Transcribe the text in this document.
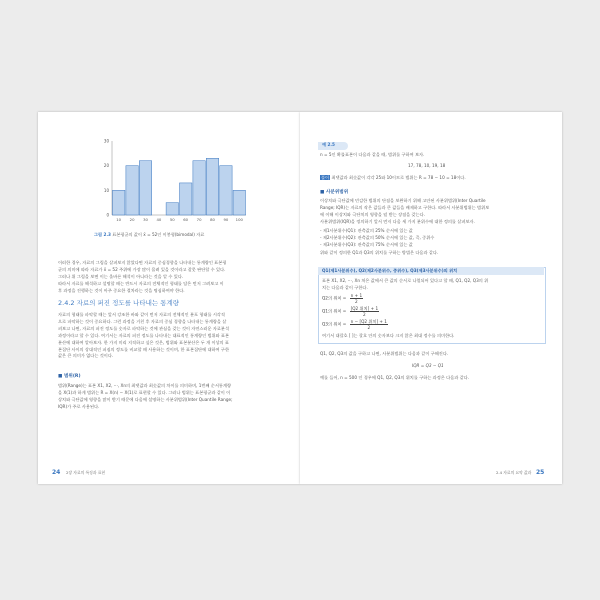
30
20
10
0
10 20 30 40 50 60 70 80 90 100
그림 2.3 표본평균의 값이 x̄ = 52인 이봉형(bimodal) 자료
이러한 경우, 자료의 그림을 살펴보지 않았다면 자료의 중심경향을 나타내는 통계량인 표본평
균의 의미에 따라 자료가 x̄ = 52 주위에 가장 많이 몰려 있을 것이라고 잘못 판단할 수 있다.
그러나 위 그림을 보면 이는 올바른 해석이 아니라는 것을 알 수 있다.
따라서 자료를 해석하고 설명할 때는 반드시 자료의 전체적인 형태를 담은 먼저 그려보고 이
후 과정을 진행하는 것이 아주 중요한 절차라는 것을 명심하여야 한다.
2.4.2 자료의 퍼진 정도를 나타내는 통계량
자료의 형태를 파악할 때는 앞서 강조한 바와 같이 먼저 자료의 전체적인 분포 형태를 시각적
으로 파악하는 것이 중요하다. 그런 과정을 거친 후 자료의 중심 경향을 나타내는 통계량을 살
펴보고 나면, 자료의 퍼진 정도를 숫자로 파악하는 것에 관심을 갖는 것이 자연스러운 자료분석
과정이라고 할 수 있다. 여기서는 자료의 퍼진 정도를 나타내는 대표적인 통계량인 범위와 표본
분산에 대하여 알아보자. 한 가지 미리 지적하고 싶은 것은, 범위와 표본분산은 두 개 이상의 표
본집단 사이의 상대적인 퍼짐의 정도를 비교할 때 사용하는 것이며, 한 표본집단에 대하여 구한
값은 큰 의미가 없다는 것이다.
■ 범위(R)
범위(Range)는 표본 X1, X2, ···, Xn의 최댓값과 최솟값의 차이를 의미하며, 1번째 순서통계량
을 X(1)과 하게 범위는 R = X(n) − X(1)로 표현할 수 있다. 그러나 범위는 표본평균과 같이 이
상치와 극단값에 영향을 많이 받기 때문에 다음에 설명하는 사분위범위(Inter Quantile Range;
IQR)가 주로 사용된다.
24 2장 자료의 특징과 표현
예 2.5
n = 5인 확률표본이 다음과 같을 때, 범위를 구하여 보자.
17, 78, 10, 19, 18
풀이 최댓값과 최솟값이 각각 25와 10이므로 범위는 R = 78 − 10 = 18이다.
■ 사분위범위
이상치와 극단값에 민감한 범위의 단점을 보완하기 위해 고안된 사분위범위(Inter Quartile
Range; IQR)는 자료의 작은 값들과 큰 값들을 배제하고 구한다. 따라서 사분위범위는 범위보
에 이해 이상치와 극단치의 영향을 덜 받는 장점을 갖는다.
사분위범위(IQR)을 정의하기 앞서 먼저 다음 세 가지 분위수에 대한 정의를 살펴보자.
- 제1사분위수(Q1): 관측값의 25% 순서에 있는 값
- 제2사분위수(Q2): 관측값의 50% 순서에 있는 값, 즉, 중위수
- 제3사분위수(Q3): 관측값의 75% 순서에 있는 값
위와 같이 정의한 Q1과 Q3의 위치를 구하는 방법은 다음과 같다.
Q1(제1사분위수), Q2(제2사분위수, 중위수), Q3(제3사분위수)의 위치
표본 X1, X2, ···, Xn 처은 값에서 큰 값의 순서로 나열되어 있다고 할 때, Q1, Q2, Q3의 위
치는 다음과 같이 구한다.
Q2의 위치 = $\frac{n + 1}{2}$
Q1의 위치 = $\frac{\text{[Q2 위치] + 1}}{2}$
Q3의 위치 = $\frac{\text{n − [Q2 위치] + 1}}{2}$
여기서 대괄호 [ ]는 괄호 안의 숫자보다 크지 않은 최대 정수를 의미한다.
Q1, Q2, Q3의 값을 구하고 나면, 사분위범위는 다음과 같이 구해진다.
IQR = Q3 − Q1
예를 들어, n = 500 인 경우에 Q1, Q2, Q3의 위치를 구하는 과정은 다음과 같다.
2.4 자료의 요약 값과 25
